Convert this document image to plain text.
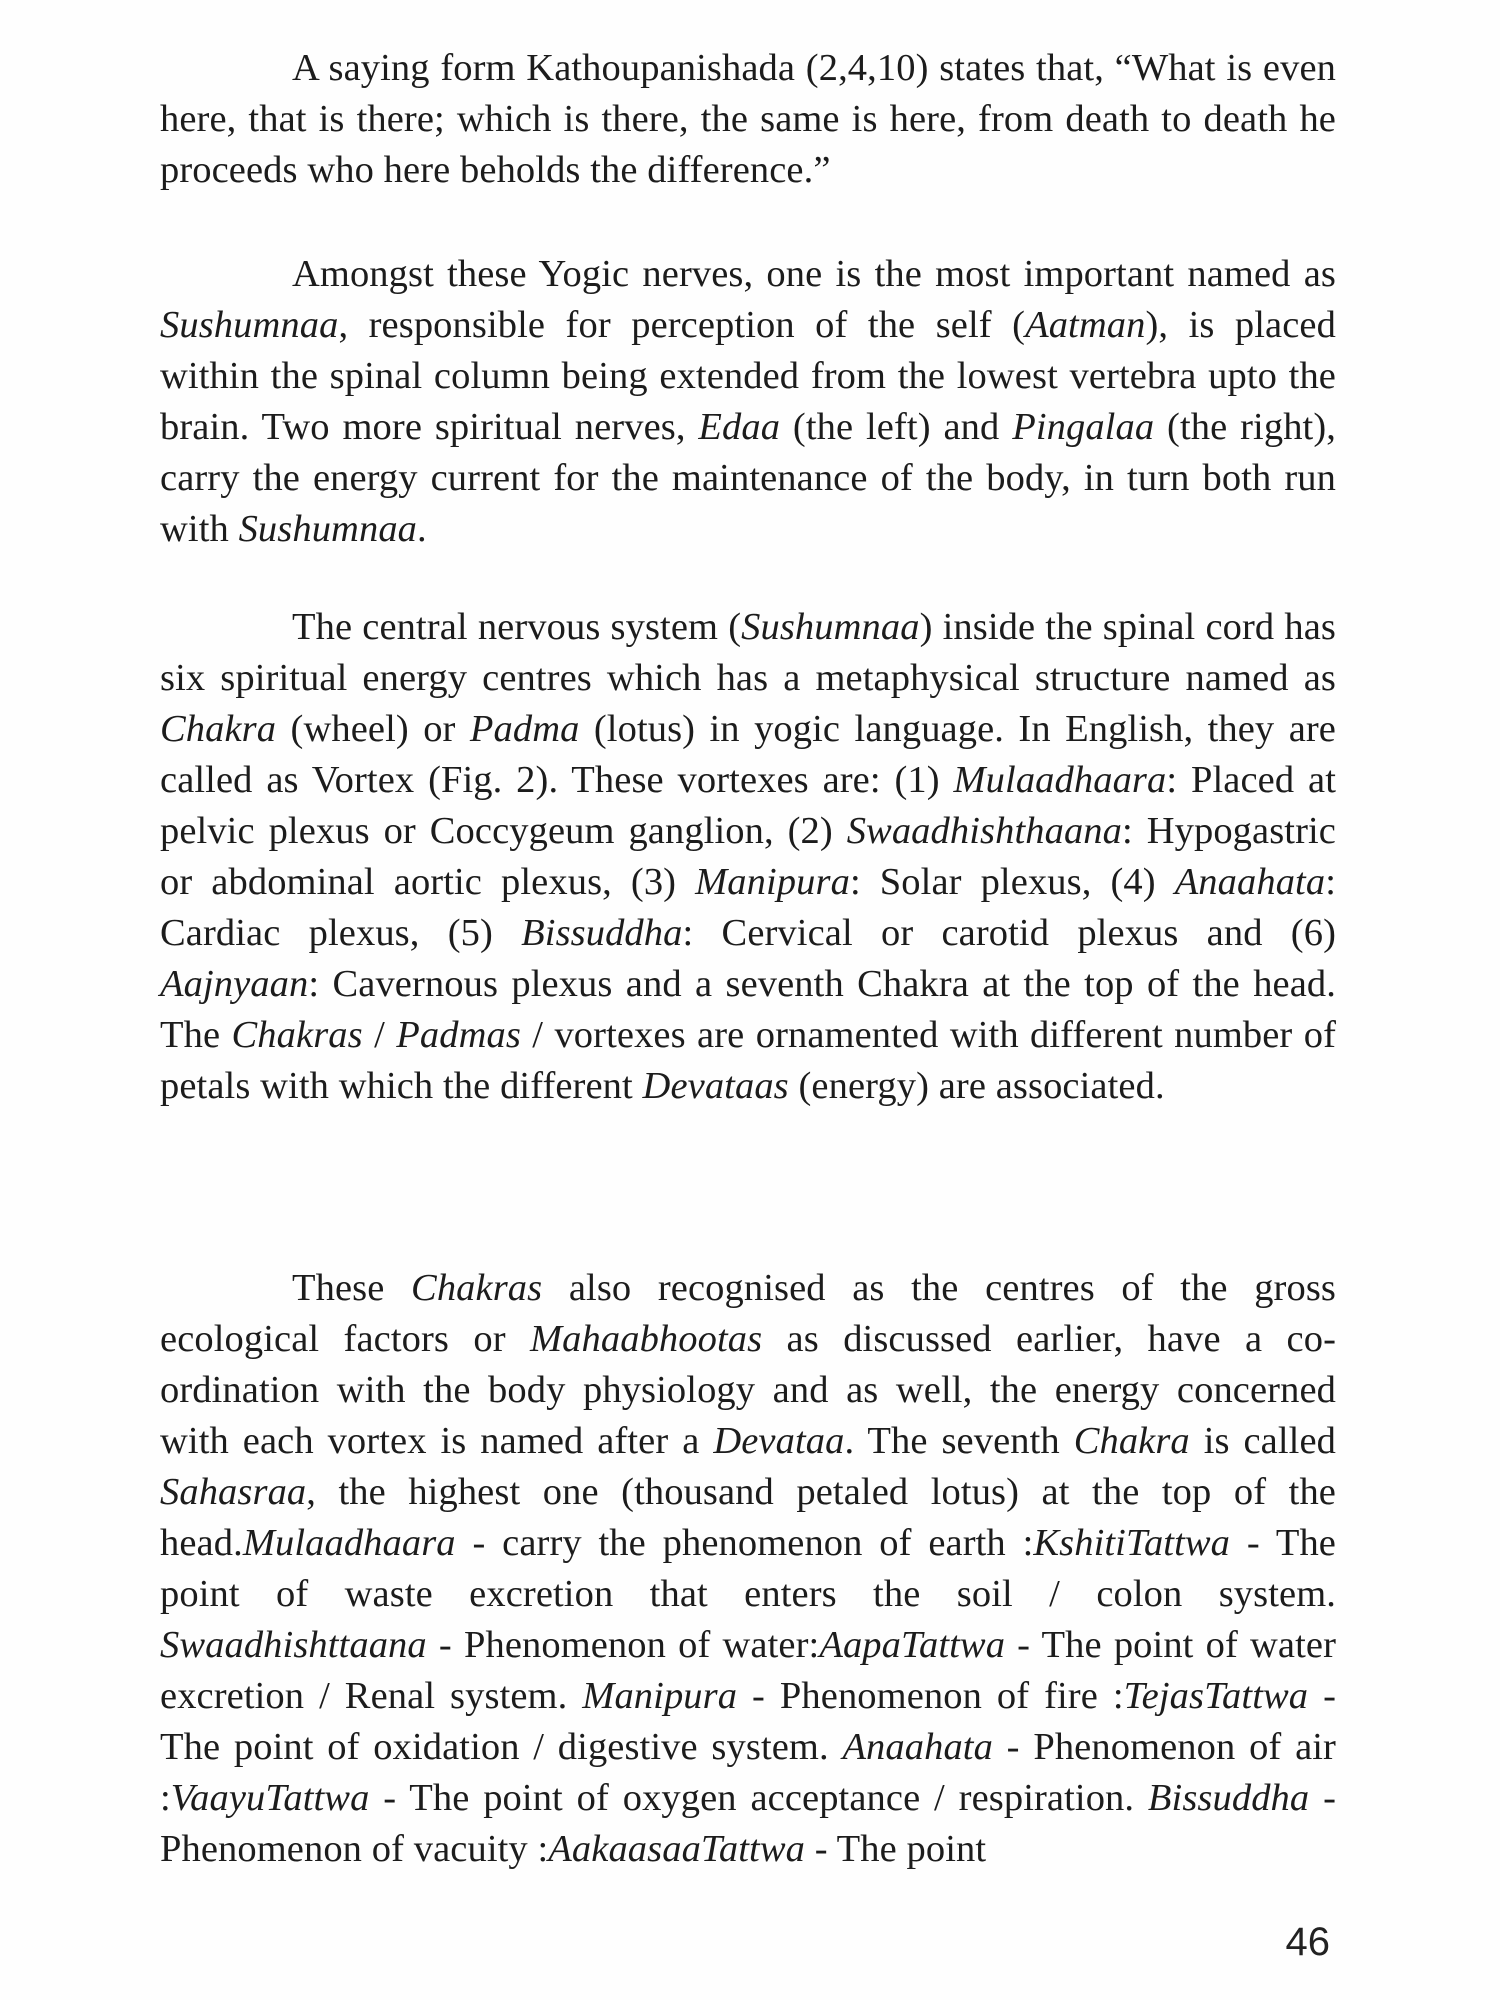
A saying form Kathoupanishada (2,4,10) states that, “What is even here, that is there; which is there, the same is here, from death to death he proceeds who here beholds the difference.”

Amongst these Yogic nerves, one is the most important named as Sushumnaa, responsible for perception of the self (Aatman), is placed within the spinal column being extended from the lowest vertebra upto the brain. Two more spiritual nerves, Edaa (the left) and Pingalaa (the right), carry the energy current for the maintenance of the body, in turn both run with Sushumnaa.

The central nervous system (Sushumnaa) inside the spinal cord has six spiritual energy centres which has a metaphysical structure named as Chakra (wheel) or Padma (lotus) in yogic language. In English, they are called as Vortex (Fig. 2). These vortexes are: (1) Mulaadhaara: Placed at pelvic plexus or Coccygeum ganglion, (2) Swaadhishthaana: Hypogastric or abdominal aortic plexus, (3) Manipura: Solar plexus, (4) Anaahata: Cardiac plexus, (5) Bissuddha: Cervical or carotid plexus and (6) Aajnyaan: Cavernous plexus and a seventh Chakra at the top of the head. The Chakras / Padmas / vortexes are ornamented with different number of petals with which the different Devataas (energy) are associated.

These Chakras also recognised as the centres of the gross ecological factors or Mahaabhootas as discussed earlier, have a co-ordination with the body physiology and as well, the energy concerned with each vortex is named after a Devataa. The seventh Chakra is called Sahasraa, the highest one (thousand petaled lotus) at the top of the head.Mulaadhaara - carry the phenomenon of earth :KshitiTattwa - The point of waste excretion that enters the soil / colon system. Swaadhishttaana - Phenomenon of water:AapaTattwa - The point of water excretion / Renal system. Manipura - Phenomenon of fire :TejasTattwa - The point of oxidation / digestive system. Anaahata - Phenomenon of air :VaayuTattwa - The point of oxygen acceptance / respiration. Bissuddha - Phenomenon of vacuity :AakaasaaTattwa - The point

46
